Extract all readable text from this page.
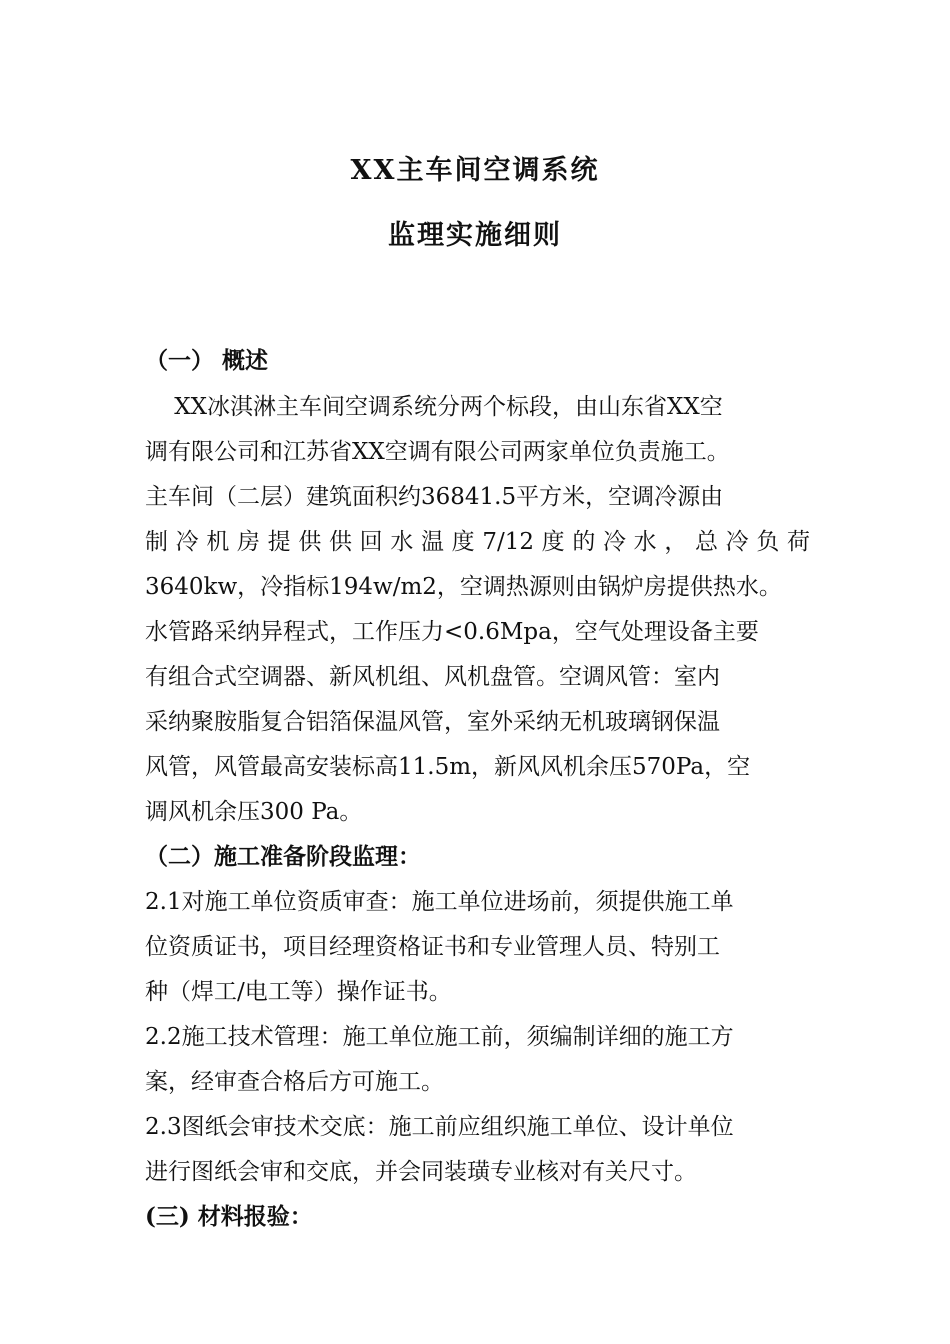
XX主车间空调系统
监理实施细则
（一） 概述
XX冰淇淋主车间空调系统分两个标段，由山东省XX空
调有限公司和江苏省XX空调有限公司两家单位负责施工。
主车间（二层）建筑面积约36841.5平方米，空调冷源由
制冷机房提供供回水温度7/12度的冷水，总冷负荷
3640kw，冷指标194w/m2，空调热源则由锅炉房提供热水。
水管路采纳异程式，工作压力<0.6Mpa，空气处理设备主要
有组合式空调器、新风机组、风机盘管。空调风管：室内
采纳聚胺脂复合铝箔保温风管，室外采纳无机玻璃钢保温
风管，风管最高安装标高11.5m，新风风机余压570Pa，空
调风机余压300 Pa。
（二）施工准备阶段监理：
2.1对施工单位资质审查：施工单位进场前，须提供施工单
位资质证书，项目经理资格证书和专业管理人员、特别工
种（焊工/电工等）操作证书。
2.2施工技术管理：施工单位施工前，须编制详细的施工方
案，经审查合格后方可施工。
2.3图纸会审技术交底：施工前应组织施工单位、设计单位
进行图纸会审和交底，并会同装璜专业核对有关尺寸。
(三) 材料报验：
